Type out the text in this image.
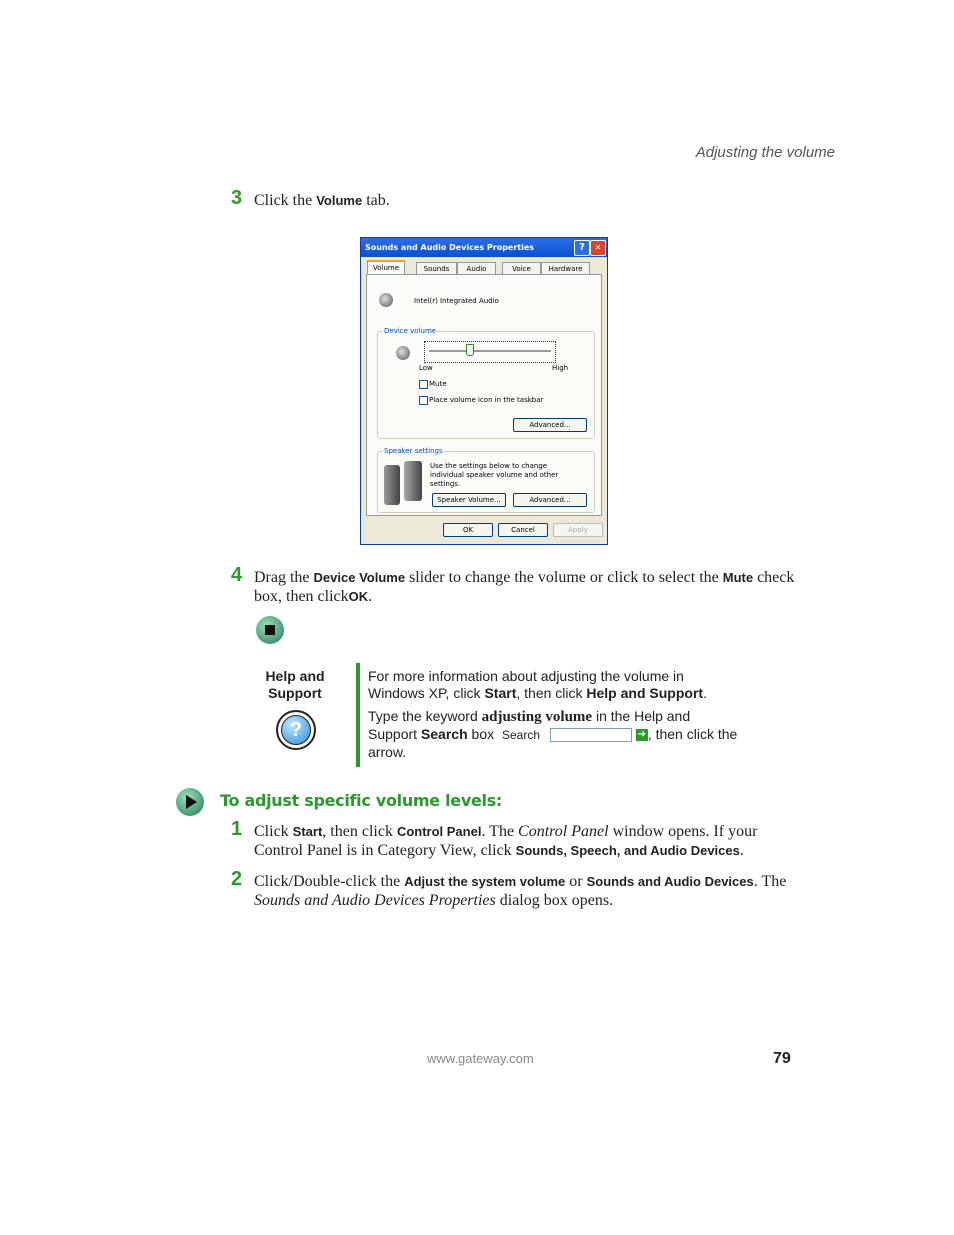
Adjusting the volume
3 Click the Volume tab.
Sounds and Audio Devices Properties	?	✕
Volume	Sounds	Audio	Voice	Hardware
Intel(r) Integrated Audio
Device volume
Low	High
Mute
Place volume icon in the taskbar
Advanced...
Speaker settings
Use the settings below to change individual speaker volume and other settings.
Speaker Volume...	Advanced...
OK	Cancel	Apply
4 Drag the Device Volume slider to change the volume or click to select the Mute check box, then clickOK.
Help and Support
?
For more information about adjusting the volume in Windows XP, click Start, then click Help and Support.
Type the keyword adjusting volume in the Help and Support Search box Search	➔ , then click the arrow.
To adjust specific volume levels:
1 Click Start, then click Control Panel. The Control Panel window opens. If your Control Panel is in Category View, click Sounds, Speech, and Audio Devices.
2 Click/Double-click the Adjust the system volume or Sounds and Audio Devices. The Sounds and Audio Devices Properties dialog box opens.
www.gateway.com	79
